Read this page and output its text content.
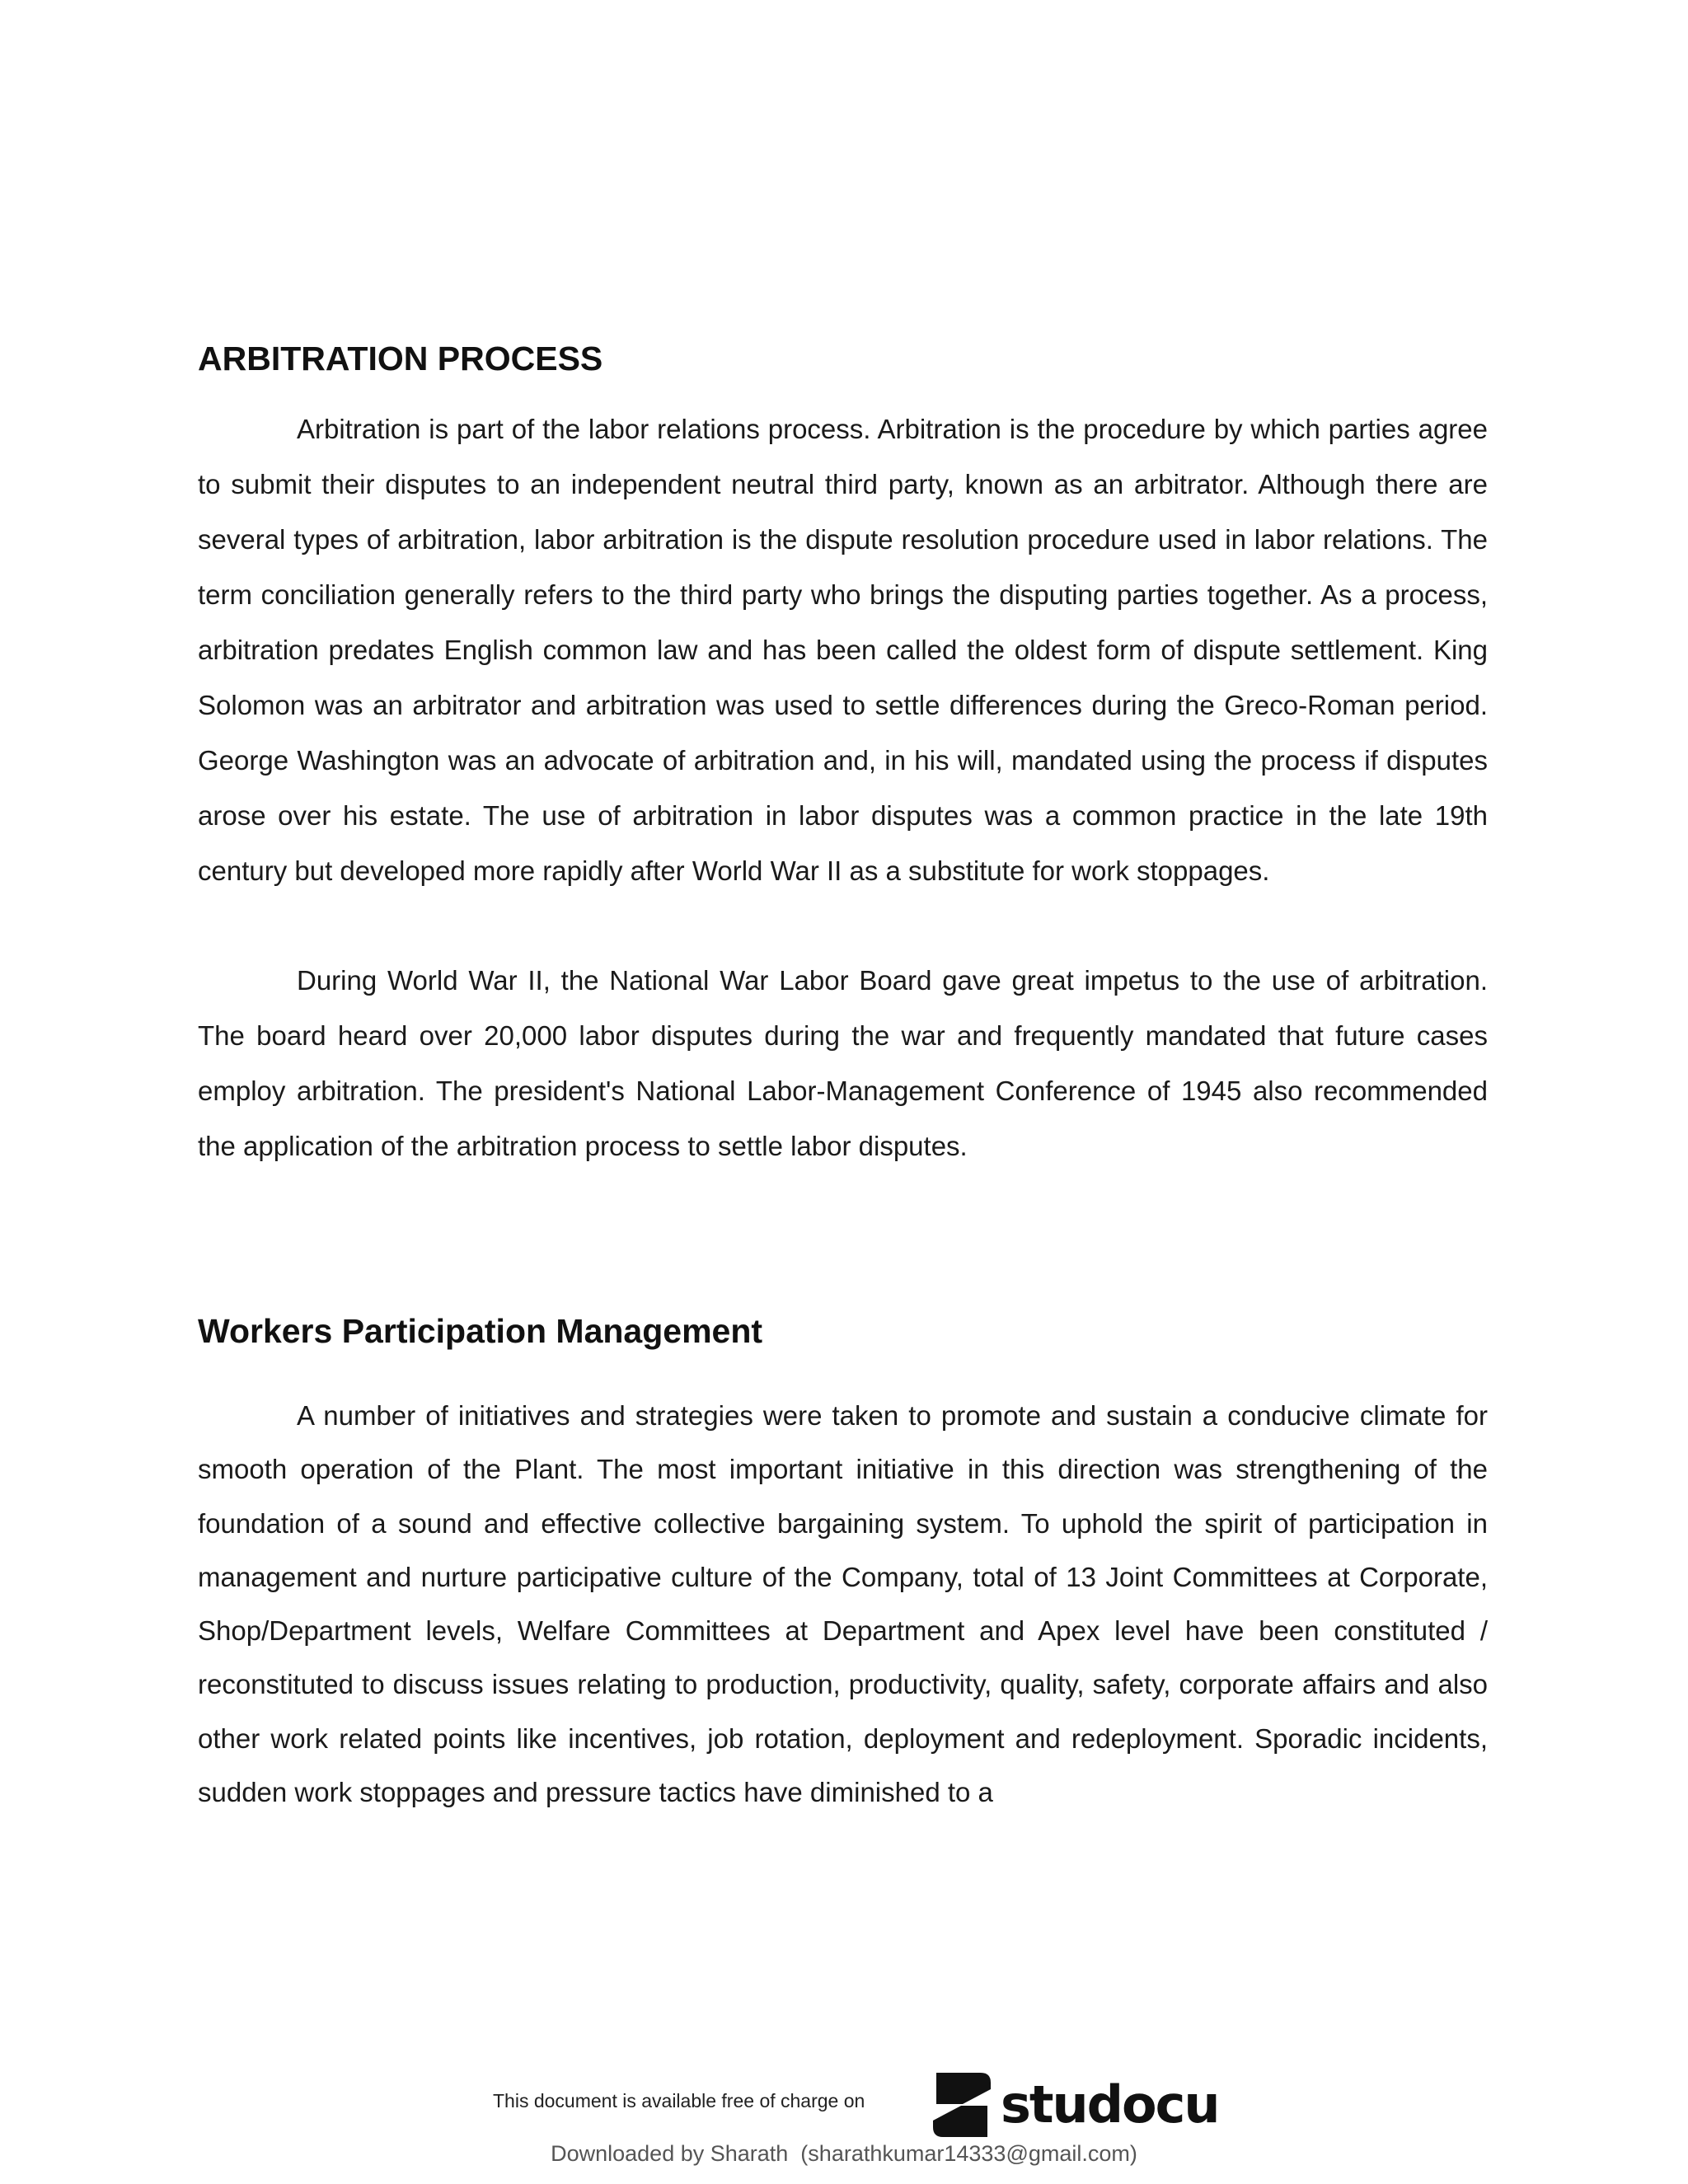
ARBITRATION PROCESS

Arbitration is part of the labor relations process. Arbitration is the procedure by which parties agree to submit their disputes to an independent neutral third party, known as an arbitrator. Although there are several types of arbitration, labor arbitration is the dispute resolution procedure used in labor relations. The term conciliation generally refers to the third party who brings the disputing parties together. As a process, arbitration predates English common law and has been called the oldest form of dispute settlement. King Solomon was an arbitrator and arbitration was used to settle differences during the Greco-Roman period. George Washington was an advocate of arbitration and, in his will, mandated using the process if disputes arose over his estate. The use of arbitration in labor disputes was a common practice in the late 19th century but developed more rapidly after World War II as a substitute for work stoppages.

During World War II, the National War Labor Board gave great impetus to the use of arbitration. The board heard over 20,000 labor disputes during the war and frequently mandated that future cases employ arbitration. The president's National Labor-Management Conference of 1945 also recommended the application of the arbitration process to settle labor disputes.

Workers Participation Management

A number of initiatives and strategies were taken to promote and sustain a conducive climate for smooth operation of the Plant. The most important initiative in this direction was strengthening of the foundation of a sound and effective collective bargaining system. To uphold the spirit of participation in management and nurture participative culture of the Company, total of 13 Joint Committees at Corporate, Shop/Department levels, Welfare Committees at Department and Apex level have been constituted / reconstituted to discuss issues relating to production, productivity, quality, safety, corporate affairs and also other work related points like incentives, job rotation, deployment and redeployment. Sporadic incidents, sudden work stoppages and pressure tactics have diminished to a

This document is available free of charge on	studocu
Downloaded by Sharath  (sharathkumar14333@gmail.com)
